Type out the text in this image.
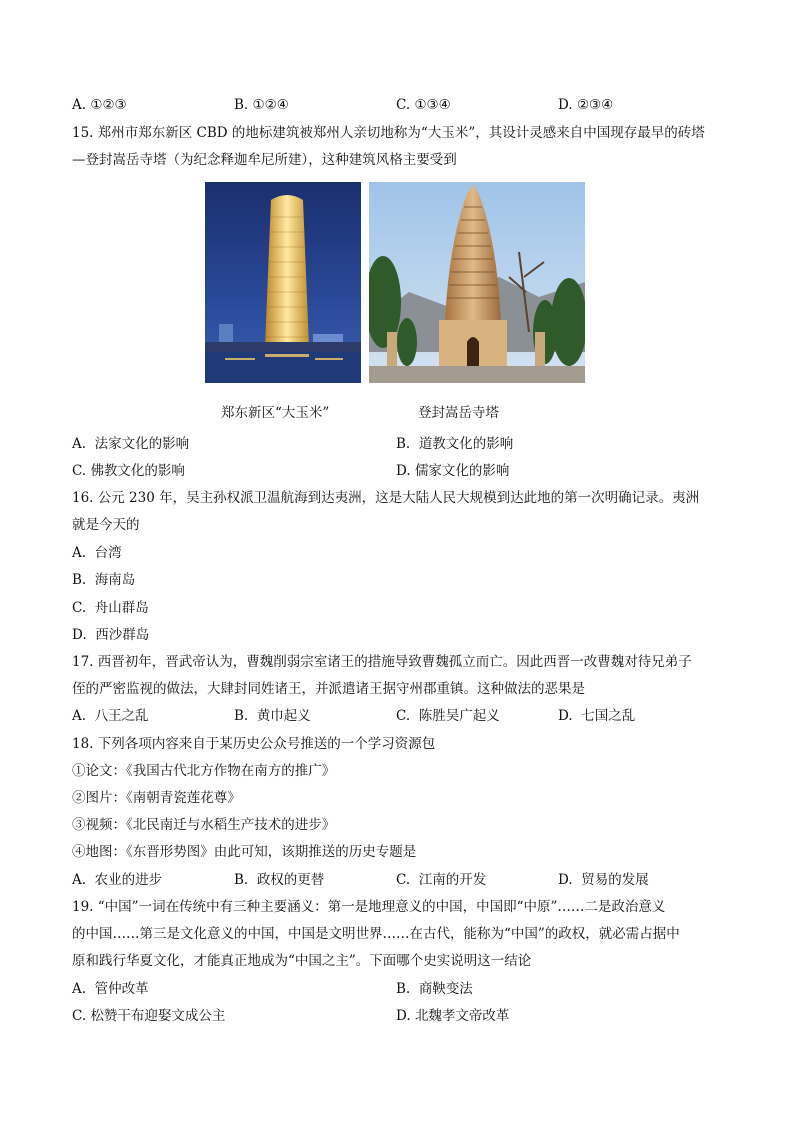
A. ①②③	B. ①②④	C. ①③④	D. ②③④
15. 郑州市郑东新区 CBD 的地标建筑被郑州人亲切地称为“大玉米”，其设计灵感来自中国现存最早的砖塔
—登封嵩岳寺塔（为纪念释迦牟尼所建），这种建筑风格主要受到
郑东新区“大玉米”	登封嵩岳寺塔
A. 法家文化的影响	B. 道教文化的影响
C. 佛教文化的影响	D. 儒家文化的影响
16. 公元 230 年，吴主孙权派卫温航海到达夷洲，这是大陆人民大规模到达此地的第一次明确记录。夷洲
就是今天的
A. 台湾
B. 海南岛
C. 舟山群岛
D. 西沙群岛
17. 西晋初年，晋武帝认为，曹魏削弱宗室诸王的措施导致曹魏孤立而亡。因此西晋一改曹魏对待兄弟子
侄的严密监视的做法，大肆封同姓诸王，并派遣诸王据守州郡重镇。这种做法的恶果是
A. 八王之乱	B. 黄巾起义	C. 陈胜吴广起义	D. 七国之乱
18. 下列各项内容来自于某历史公众号推送的一个学习资源包
①论文：《我国古代北方作物在南方的推广》
②图片：《南朝青瓷莲花尊》
③视频：《北民南迁与水稻生产技术的进步》
④地图：《东晋形势图》由此可知，该期推送的历史专题是
A. 农业的进步	B. 政权的更替	C. 江南的开发	D. 贸易的发展
19. “中国”一词在传统中有三种主要涵义：第一是地理意义的中国，中国即“中原”……二是政治意义
的中国……第三是文化意义的中国，中国是文明世界……在古代，能称为“中国”的政权，就必需占据中
原和践行华夏文化，才能真正地成为“中国之主”。下面哪个史实说明这一结论
A. 管仲改革	B. 商鞅变法
C. 松赞干布迎娶文成公主	D. 北魏孝文帝改革
